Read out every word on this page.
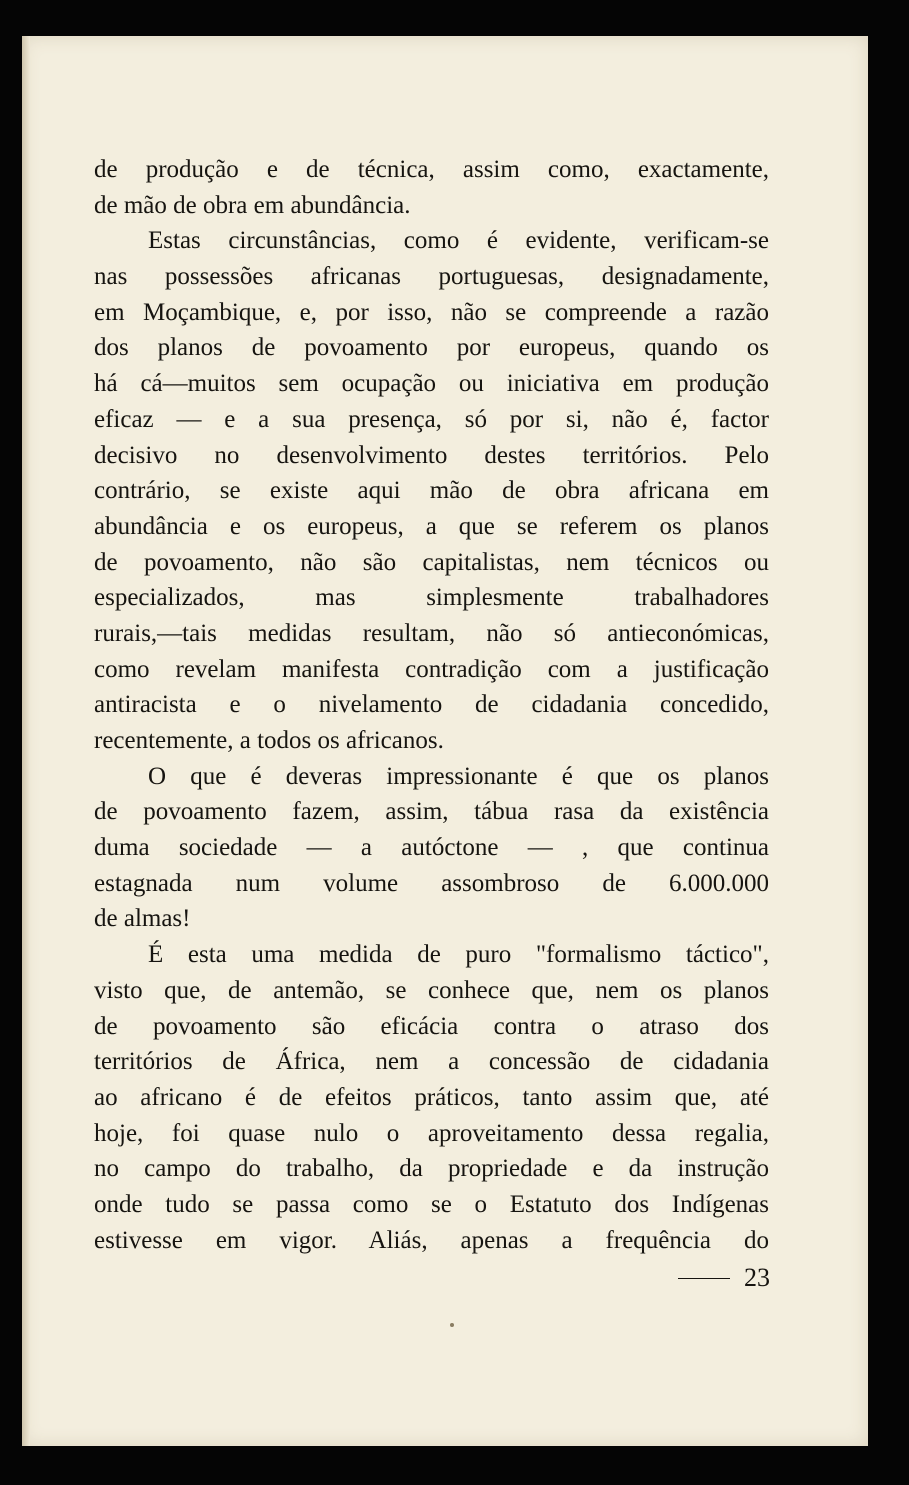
de produção e de técnica, assim como, exactamente,
de mão de obra em abundância.
Estas circunstâncias, como é evidente, verificam-se
nas possessões africanas portuguesas, designadamente,
em Moçambique, e, por isso, não se compreende a razão
dos planos de povoamento por europeus, quando os
há cá—muitos sem ocupação ou iniciativa em produção
eficaz — e a sua presença, só por si, não é, factor
decisivo no desenvolvimento destes territórios. Pelo
contrário, se existe aqui mão de obra africana em
abundância e os europeus, a que se referem os planos
de povoamento, não são capitalistas, nem técnicos ou
especializados, mas simplesmente trabalhadores
rurais,—tais medidas resultam, não só antieconómicas,
como revelam manifesta contradição com a justificação
antiracista e o nivelamento de cidadania concedido,
recentemente, a todos os africanos.
O que é deveras impressionante é que os planos
de povoamento fazem, assim, tábua rasa da existência
duma sociedade — a autóctone — , que continua
estagnada num volume assombroso de 6.000.000
de almas!
É esta uma medida de puro "formalismo táctico",
visto que, de antemão, se conhece que, nem os planos
de povoamento são eficácia contra o atraso dos
territórios de África, nem a concessão de cidadania
ao africano é de efeitos práticos, tanto assim que, até
hoje, foi quase nulo o aproveitamento dessa regalia,
no campo do trabalho, da propriedade e da instrução
onde tudo se passa como se o Estatuto dos Indígenas
estivesse em vigor. Aliás, apenas a frequência do
23
